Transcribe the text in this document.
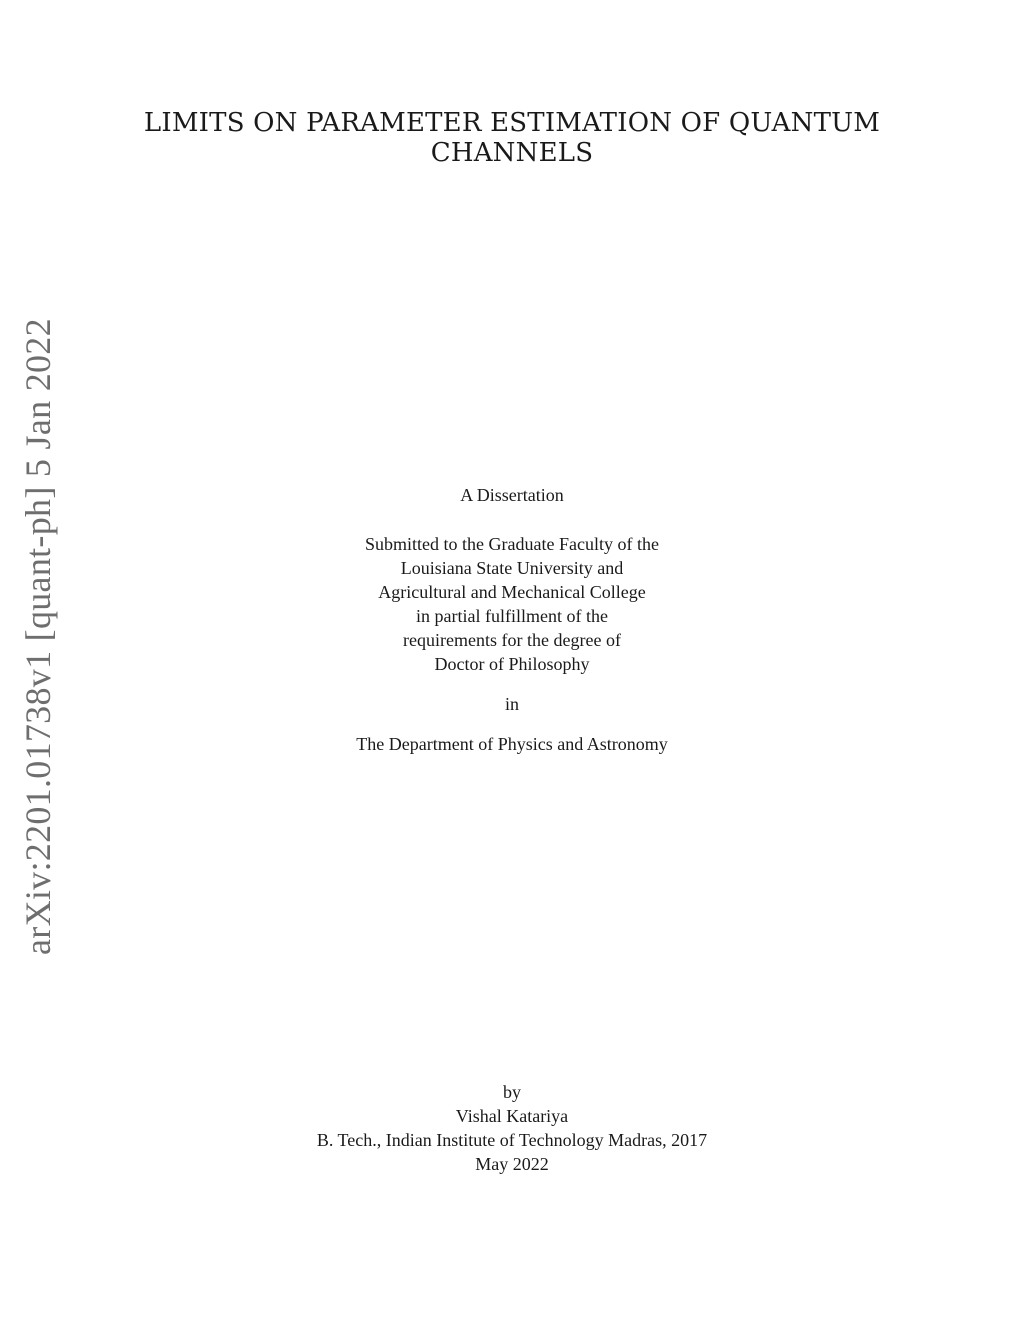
LIMITS ON PARAMETER ESTIMATION OF QUANTUM
CHANNELS
arXiv:2201.01738v1 [quant-ph] 5 Jan 2022	A Dissertation
Submitted to the Graduate Faculty of the
Louisiana State University and
Agricultural and Mechanical College
in partial fulfillment of the
requirements for the degree of
Doctor of Philosophy
in
The Department of Physics and Astronomy
by
Vishal Katariya
B. Tech., Indian Institute of Technology Madras, 2017
May 2022
